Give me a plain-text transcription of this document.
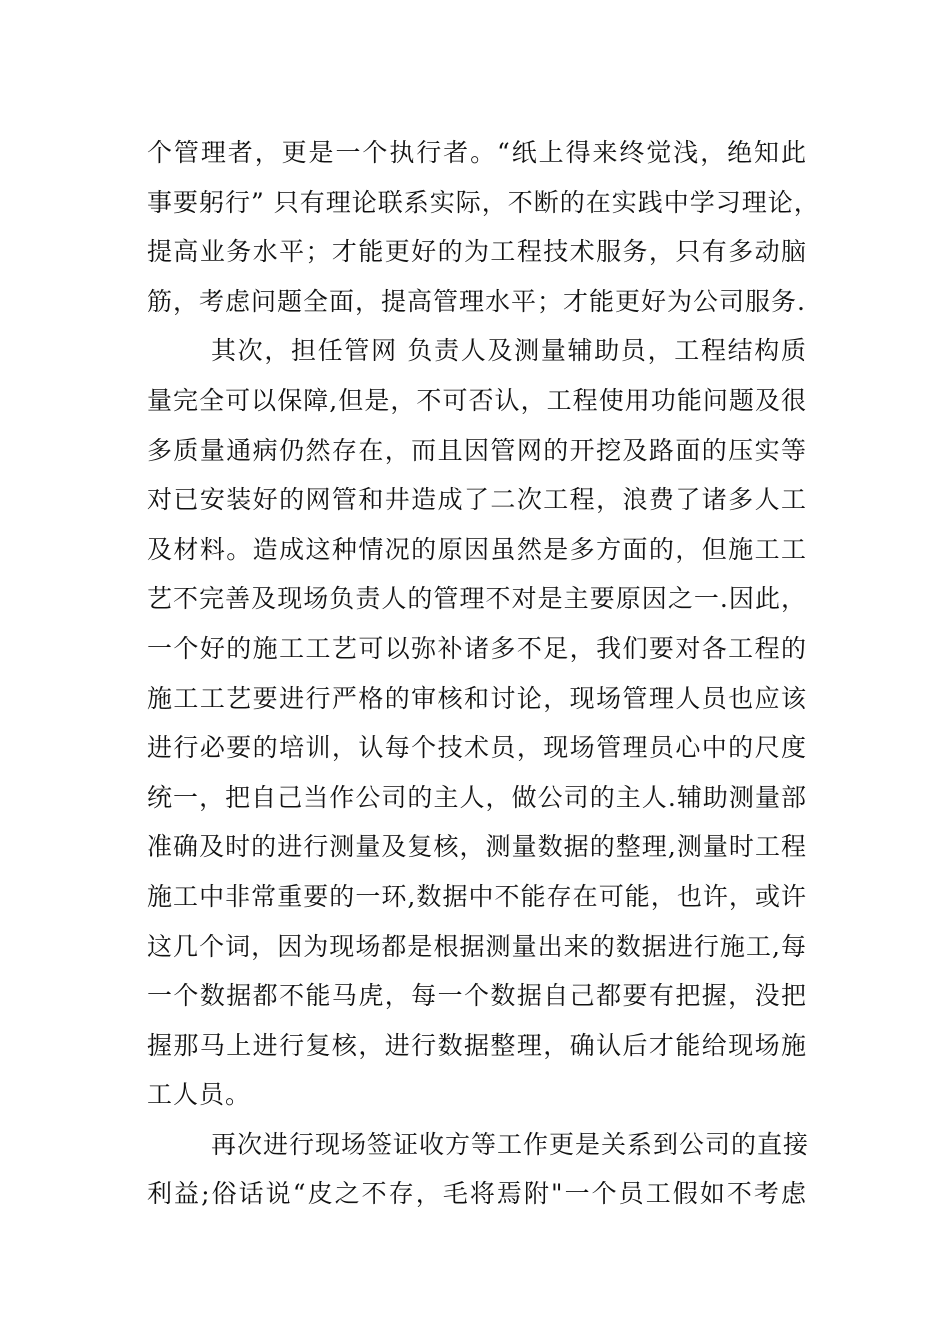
个管理者，更是一个执行者。“纸上得来终觉浅，绝知此
事要躬行” 只有理论联系实际，不断的在实践中学习理论，
提高业务水平；才能更好的为工程技术服务，只有多动脑
筋，考虑问题全面，提高管理水平；才能更好为公司服务.
其次，担任管网 负责人及测量辅助员，工程结构质
量完全可以保障,但是，不可否认，工程使用功能问题及很
多质量通病仍然存在，而且因管网的开挖及路面的压实等
对已安装好的网管和井造成了二次工程，浪费了诸多人工
及材料。造成这种情况的原因虽然是多方面的，但施工工
艺不完善及现场负责人的管理不对是主要原因之一.因此，
一个好的施工工艺可以弥补诸多不足，我们要对各工程的
施工工艺要进行严格的审核和讨论，现场管理人员也应该
进行必要的培训，认每个技术员，现场管理员心中的尺度
统一，把自己当作公司的主人，做公司的主人.辅助测量部
准确及时的进行测量及复核，测量数据的整理,测量时工程
施工中非常重要的一环,数据中不能存在可能，也许，或许
这几个词，因为现场都是根据测量出来的数据进行施工,每
一个数据都不能马虎，每一个数据自己都要有把握，没把
握那马上进行复核，进行数据整理，确认后才能给现场施
工人员。
再次进行现场签证收方等工作更是关系到公司的直接
利益;俗话说“皮之不存，毛将焉附"一个员工假如不考虑
